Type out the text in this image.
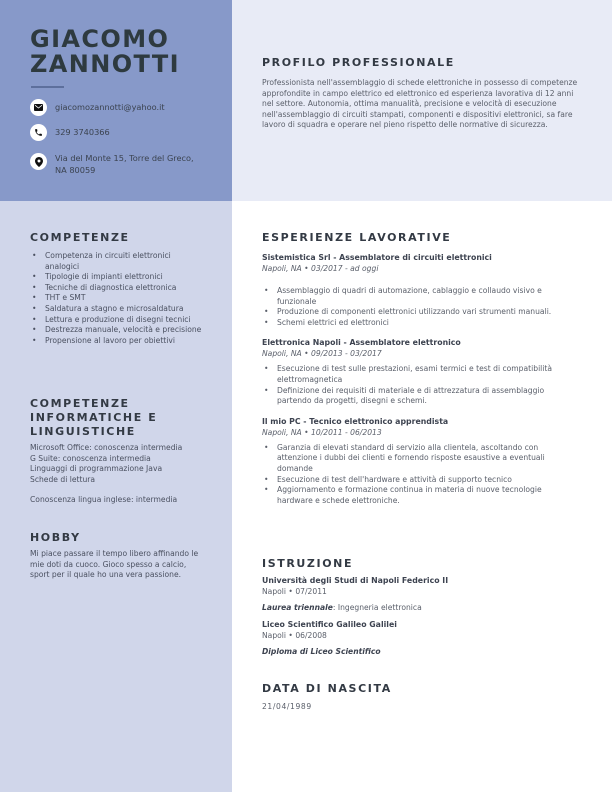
GIACOMO
ZANNOTTI
giacomozannotti@yahoo.it
329 3740366
Via del Monte 15, Torre del Greco,
NA 80059
PROFILO PROFESSIONALE
Professionista nell'assemblaggio di schede elettroniche in possesso di competenze approfondite in campo elettrico ed elettronico ed esperienza lavorativa di 12 anni nel settore. Autonomia, ottima manualità, precisione e velocità di esecuzione nell'assemblaggio di circuiti stampati, componenti e dispositivi elettronici, sa fare lavoro di squadra e operare nel pieno rispetto delle normative di sicurezza.
COMPETENZE
• Competenza in circuiti elettronici analogici
• Tipologie di impianti elettronici
• Tecniche di diagnostica elettronica
• THT e SMT
• Saldatura a stagno e microsaldatura
• Lettura e produzione di disegni tecnici
• Destrezza manuale, velocità e precisione
• Propensione al lavoro per obiettivi
COMPETENZE INFORMATICHE E LINGUISTICHE
Microsoft Office: conoscenza intermedia
G Suite: conoscenza intermedia
Linguaggi di programmazione Java
Schede di lettura
Conoscenza lingua inglese: intermedia
HOBBY
Mi piace passare il tempo libero affinando le mie doti da cuoco. Gioco spesso a calcio, sport per il quale ho una vera passione.
ESPERIENZE LAVORATIVE
Sistemistica Srl - Assemblatore di circuiti elettronici
Napoli, NA • 03/2017 - ad oggi
• Assemblaggio di quadri di automazione, cablaggio e collaudo visivo e funzionale
• Produzione di componenti elettronici utilizzando vari strumenti manuali.
• Schemi elettrici ed elettronici
Elettronica Napoli - Assemblatore elettronico
Napoli, NA • 09/2013 - 03/2017
• Esecuzione di test sulle prestazioni, esami termici e test di compatibilità elettromagnetica
• Definizione dei requisiti di materiale e di attrezzatura di assemblaggio partendo da progetti, disegni e schemi.
Il mio PC - Tecnico elettronico apprendista
Napoli, NA • 10/2011 - 06/2013
• Garanzia di elevati standard di servizio alla clientela, ascoltando con attenzione i dubbi dei clienti e fornendo risposte esaustive a eventuali domande
• Esecuzione di test dell'hardware e attività di supporto tecnico
• Aggiornamento e formazione continua in materia di nuove tecnologie hardware e schede elettroniche.
ISTRUZIONE
Università degli Studi di Napoli Federico II
Napoli • 07/2011
Laurea triennale: Ingegneria elettronica
Liceo Scientifico Galileo Galilei
Napoli • 06/2008
Diploma di Liceo Scientifico
DATA DI NASCITA
21/04/1989
